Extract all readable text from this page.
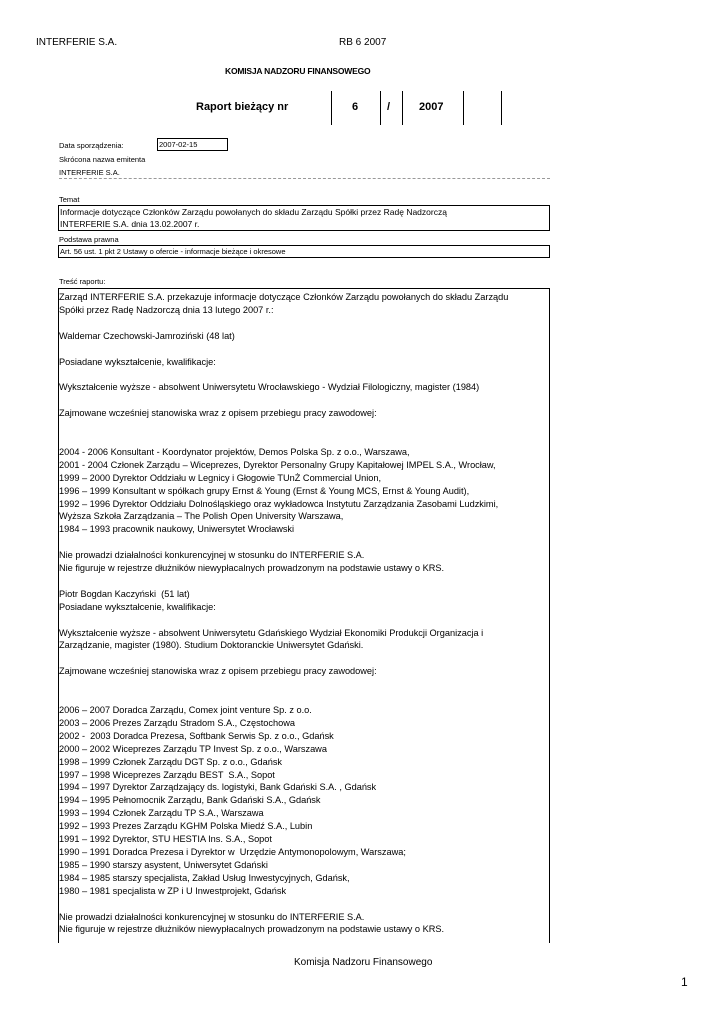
INTERFERIE S.A.	RB 6 2007
KOMISJA NADZORU FINANSOWEGO
Raport bieżący nr	6	/	2007
Data sporządzenia:	2007-02-15
Skrócona nazwa emitenta
INTERFERIE S.A.
Temat
Informacje dotyczące Członków Zarządu powołanych do składu Zarządu Spółki przez Radę Nadzorczą
INTERFERIE S.A. dnia 13.02.2007 r.
Podstawa prawna
Art. 56 ust. 1 pkt 2 Ustawy o ofercie - informacje bieżące i okresowe
Treść raportu:
Zarząd INTERFERIE S.A. przekazuje informacje dotyczące Członków Zarządu powołanych do składu Zarządu
Spółki przez Radę Nadzorczą dnia 13 lutego 2007 r.:

Waldemar Czechowski-Jamroziński (48 lat)

Posiadane wykształcenie, kwalifikacje:

Wykształcenie wyższe - absolwent Uniwersytetu Wrocławskiego - Wydział Filologiczny, magister (1984)

Zajmowane wcześniej stanowiska wraz z opisem przebiegu pracy zawodowej:

2004 - 2006 Konsultant - Koordynator projektów, Demos Polska Sp. z o.o., Warszawa,
2001 - 2004 Członek Zarządu – Wiceprezes, Dyrektor Personalny Grupy Kapitałowej IMPEL S.A., Wrocław,
1999 – 2000 Dyrektor Oddziału w Legnicy i Głogowie TUnŻ Commercial Union,
1996 – 1999 Konsultant w spółkach grupy Ernst & Young (Ernst & Young MCS, Ernst & Young Audit),
1992 – 1996 Dyrektor Oddziału Dolnośląskiego oraz wykładowca Instytutu Zarządzania Zasobami Ludzkimi,
Wyższa Szkoła Zarządzania – The Polish Open University Warszawa,
1984 – 1993 pracownik naukowy, Uniwersytet Wrocławski

Nie prowadzi działalności konkurencyjnej w stosunku do INTERFERIE S.A.
Nie figuruje w rejestrze dłużników niewypłacalnych prowadzonym na podstawie ustawy o KRS.

Piotr Bogdan Kaczyński  (51 lat)
Posiadane wykształcenie, kwalifikacje:

Wykształcenie wyższe - absolwent Uniwersytetu Gdańskiego Wydział Ekonomiki Produkcji Organizacja i
Zarządzanie, magister (1980). Studium Doktoranckie Uniwersytet Gdański.

Zajmowane wcześniej stanowiska wraz z opisem przebiegu pracy zawodowej:

2006 – 2007 Doradca Zarządu, Comex joint venture Sp. z o.o.
2003 – 2006 Prezes Zarządu Stradom S.A., Częstochowa
2002 -  2003 Doradca Prezesa, Softbank Serwis Sp. z o.o., Gdańsk
2000 – 2002 Wiceprezes Zarządu TP Invest Sp. z o.o., Warszawa
1998 – 1999 Członek Zarządu DGT Sp. z o.o., Gdańsk
1997 – 1998 Wiceprezes Zarządu BEST  S.A., Sopot
1994 – 1997 Dyrektor Zarządzający ds. logistyki, Bank Gdański S.A. , Gdańsk
1994 – 1995 Pełnomocnik Zarządu, Bank Gdański S.A., Gdańsk
1993 – 1994 Członek Zarządu TP S.A., Warszawa
1992 – 1993 Prezes Zarządu KGHM Polska Miedź S.A., Lubin
1991 – 1992 Dyrektor, STU HESTIA Ins. S.A., Sopot
1990 – 1991 Doradca Prezesa i Dyrektor w  Urzędzie Antymonopolowym, Warszawa;
1985 – 1990 starszy asystent, Uniwersytet Gdański
1984 – 1985 starszy specjalista, Zakład Usług Inwestycyjnych, Gdańsk,
1980 – 1981 specjalista w ZP i U Inwestprojekt, Gdańsk

Nie prowadzi działalności konkurencyjnej w stosunku do INTERFERIE S.A.
Nie figuruje w rejestrze dłużników niewypłacalnych prowadzonym na podstawie ustawy o KRS.
Komisja Nadzoru Finansowego
1
